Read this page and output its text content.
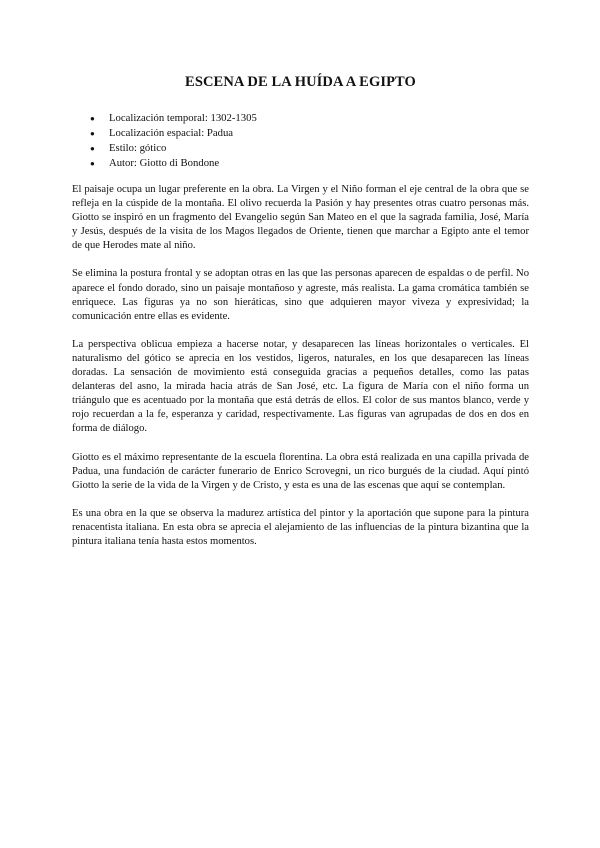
ESCENA DE LA HUÍDA A EGIPTO
● Localización temporal: 1302-1305
● Localización espacial: Padua
● Estilo: gótico
● Autor: Giotto di Bondone

El paisaje ocupa un lugar preferente en la obra. La Virgen y el Niño forman el eje central de la obra que se refleja en la cúspide de la montaña. El olivo recuerda la Pasión y hay presentes otras cuatro personas más. Giotto se inspiró en un fragmento del Evangelio según San Mateo en el que la sagrada familia, José, María y Jesús, después de la visita de los Magos llegados de Oriente, tienen que marchar a Egipto ante el temor de que Herodes mate al niño.

Se elimina la postura frontal y se adoptan otras en las que las personas aparecen de espaldas o de perfil. No aparece el fondo dorado, sino un paisaje montañoso y agreste, más realista. La gama cromática también se enriquece. Las figuras ya no son hieráticas, sino que adquieren mayor viveza y expresividad; la comunicación entre ellas es evidente.

La perspectiva oblicua empieza a hacerse notar, y desaparecen las líneas horizontales o verticales. El naturalismo del gótico se aprecia en los vestidos, ligeros, naturales, en los que desaparecen las líneas doradas. La sensación de movimiento está conseguida gracias a pequeños detalles, como las patas delanteras del asno, la mirada hacia atrás de San José, etc. La figura de María con el niño forma un triángulo que es acentuado por la montaña que está detrás de ellos. El color de sus mantos blanco, verde y rojo recuerdan a la fe, esperanza y caridad, respectivamente. Las figuras van agrupadas de dos en dos en forma de diálogo.

Giotto es el máximo representante de la escuela florentina. La obra está realizada en una capilla privada de Padua, una fundación de carácter funerario de Enrico Scrovegni, un rico burgués de la ciudad. Aquí pintó Giotto la serie de la vida de la Virgen y de Cristo, y esta es una de las escenas que aquí se contemplan.

Es una obra en la que se observa la madurez artística del pintor y la aportación que supone para la pintura renacentista italiana. En esta obra se aprecia el alejamiento de las influencias de la pintura bizantina que la pintura italiana tenía hasta estos momentos.
